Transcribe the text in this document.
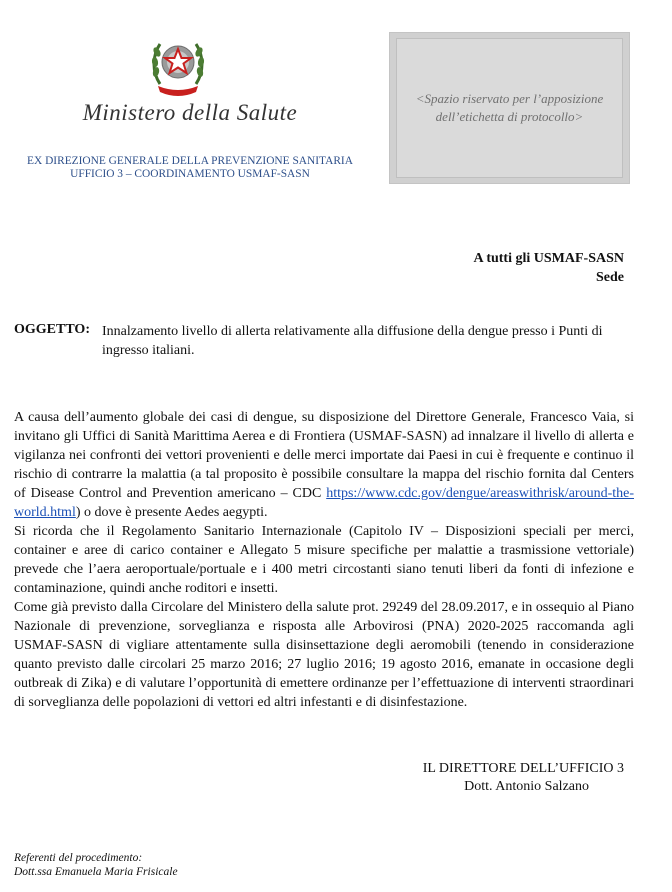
Ministero della Salute
EX DIREZIONE GENERALE DELLA PREVENZIONE SANITARIA
UFFICIO 3 – COORDINAMENTO USMAF-SASN
<Spazio riservato per l’apposizione dell’etichetta di protocollo>
A tutti gli USMAF-SASN
Sede
OGGETTO: Innalzamento livello di allerta relativamente alla diffusione della dengue presso i Punti di ingresso italiani.

A causa dell’aumento globale dei casi di dengue, su disposizione del Direttore Generale, Francesco Vaia, si invitano gli Uffici di Sanità Marittima Aerea e di Frontiera (USMAF-SASN) ad innalzare il livello di allerta e vigilanza nei confronti dei vettori provenienti e delle merci importate dai Paesi in cui è frequente e continuo il rischio di contrarre la malattia (a tal proposito è possibile consultare la mappa del rischio fornita dal Centers of Disease Control and Prevention americano – CDC https://www.cdc.gov/dengue/areaswithrisk/around-the-world.html) o dove è presente Aedes aegypti.

Si ricorda che il Regolamento Sanitario Internazionale (Capitolo IV – Disposizioni speciali per merci, container e aree di carico container e Allegato 5 misure specifiche per malattie a trasmissione vettoriale) prevede che l’aera aeroportuale/portuale e i 400 metri circostanti siano tenuti liberi da fonti di infezione e contaminazione, quindi anche roditori e insetti.

Come già previsto dalla Circolare del Ministero della salute prot. 29249 del 28.09.2017, e in ossequio al Piano Nazionale di prevenzione, sorveglianza e risposta alle Arbovirosi (PNA) 2020-2025 raccomanda agli USMAF-SASN di vigliare attentamente sulla disinsettazione degli aeromobili (tenendo in considerazione quanto previsto dalle circolari 25 marzo 2016; 27 luglio 2016; 19 agosto 2016, emanate in occasione degli outbreak di Zika) e di valutare l’opportunità di emettere ordinanze per l’effettuazione di interventi straordinari di sorveglianza delle popolazioni di vettori ed altri infestanti e di disinfestazione.

IL DIRETTORE DELL’UFFICIO 3
Dott. Antonio Salzano
Referenti del procedimento:
Dott.ssa Emanuela Maria Frisicale
